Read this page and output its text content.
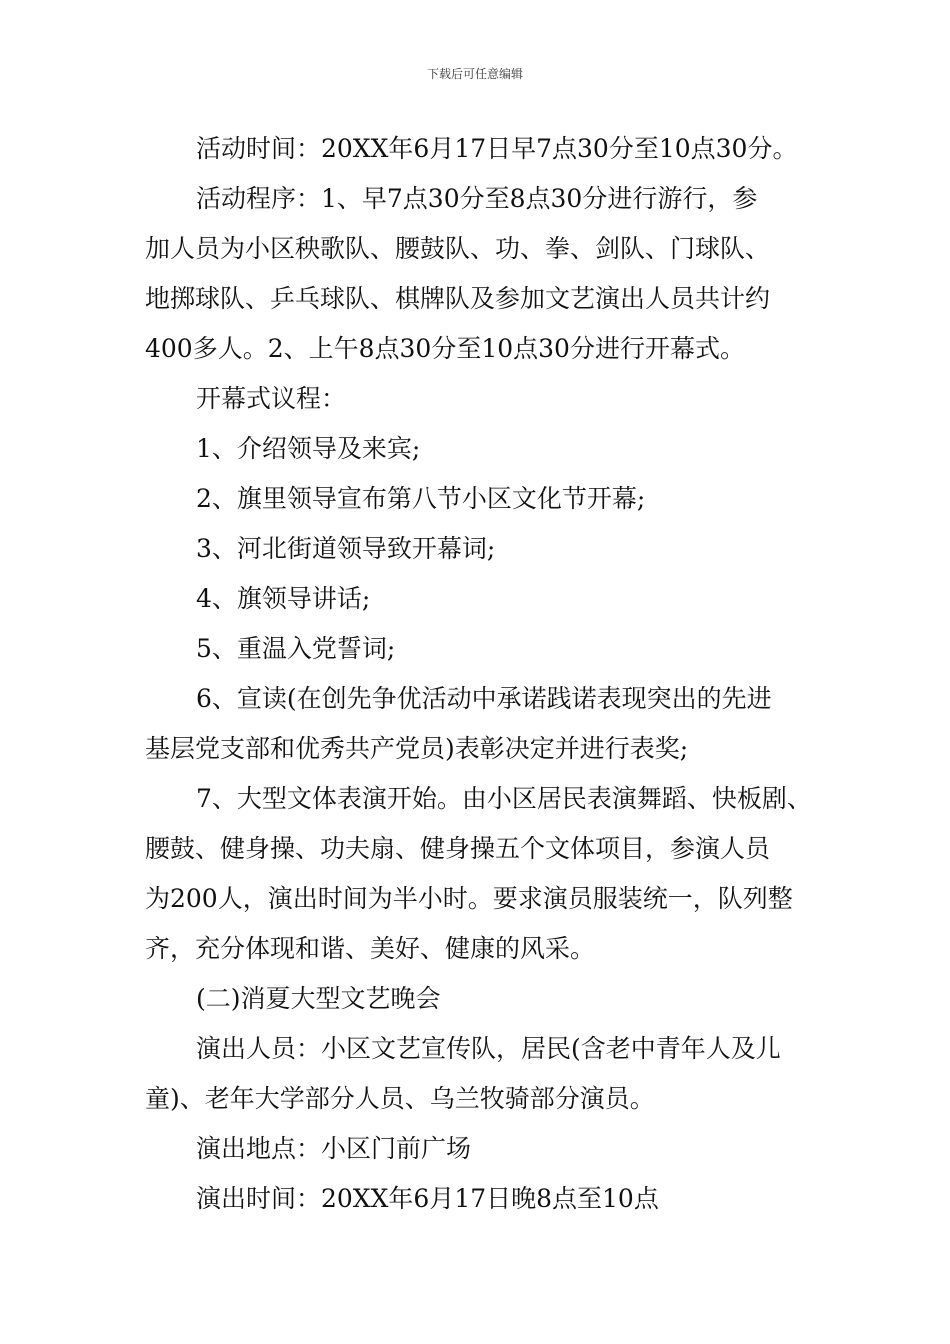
下载后可任意编辑
活动时间：20XX年6月17日早7点30分至10点30分。
活动程序：1、早7点30分至8点30分进行游行，参
加人员为小区秧歌队、腰鼓队、功、拳、剑队、门球队、
地掷球队、乒乓球队、棋牌队及参加文艺演出人员共计约
400多人。2、上午8点30分至10点30分进行开幕式。
开幕式议程：
1、介绍领导及来宾;
2、旗里领导宣布第八节小区文化节开幕;
3、河北街道领导致开幕词;
4、旗领导讲话;
5、重温入党誓词;
6、宣读(在创先争优活动中承诺践诺表现突出的先进
基层党支部和优秀共产党员)表彰决定并进行表奖;
7、大型文体表演开始。由小区居民表演舞蹈、快板剧、
腰鼓、健身操、功夫扇、健身操五个文体项目，参演人员
为200人，演出时间为半小时。要求演员服装统一，队列整
齐，充分体现和谐、美好、健康的风采。
(二)消夏大型文艺晚会
演出人员：小区文艺宣传队，居民(含老中青年人及儿
童)、老年大学部分人员、乌兰牧骑部分演员。
演出地点：小区门前广场
演出时间：20XX年6月17日晚8点至10点
